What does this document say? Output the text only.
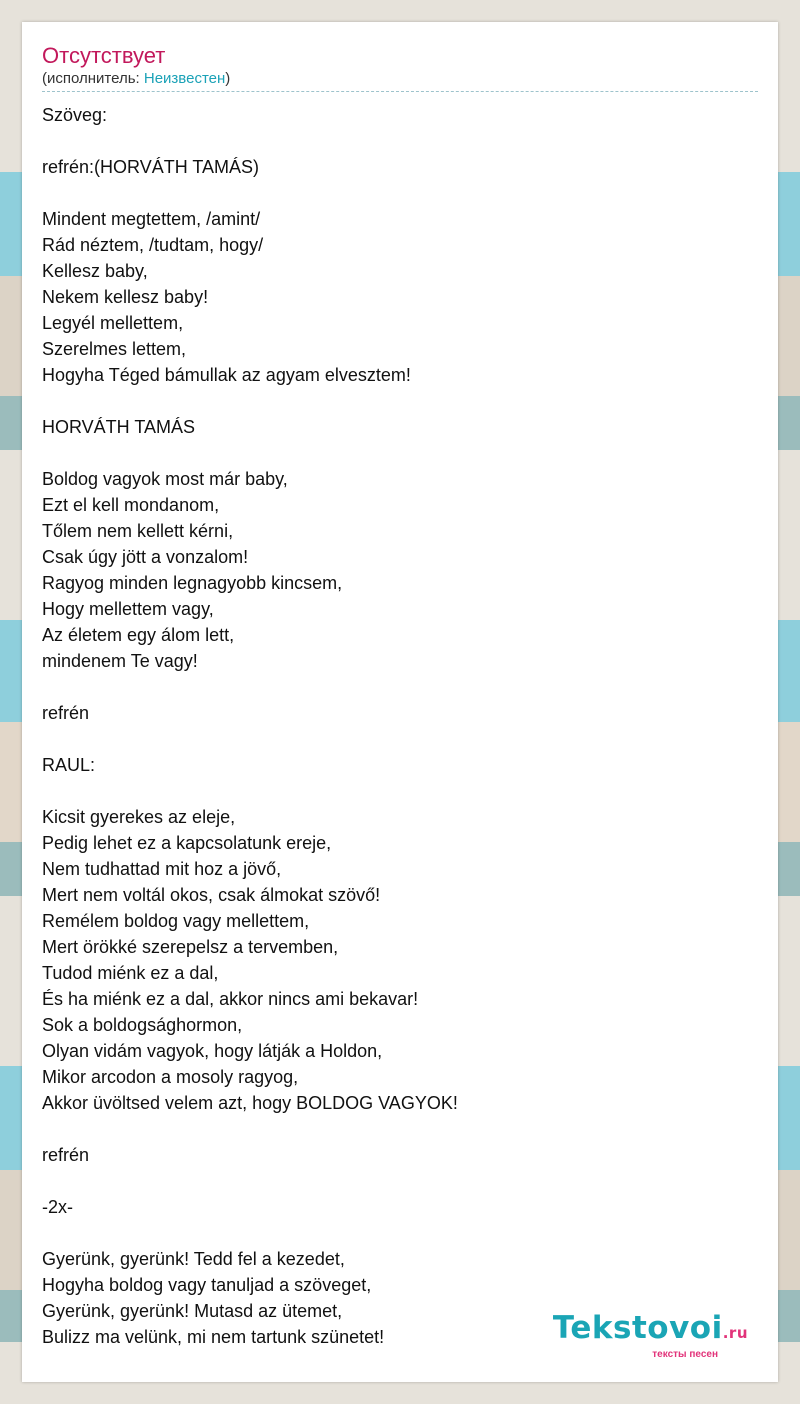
Отсутствует
(исполнитель: Неизвестен)
Szöveg:
refrén:(HORVÁTH TAMÁS)
Mindent megtettem, /amint/
Rád néztem, /tudtam, hogy/
Kellesz baby,
Nekem kellesz baby!
Legyél mellettem,
Szerelmes lettem,
Hogyha Téged bámullak az agyam elvesztem!
HORVÁTH TAMÁS
Boldog vagyok most már baby,
Ezt el kell mondanom,
Tőlem nem kellett kérni,
Csak úgy jött a vonzalom!
Ragyog minden legnagyobb kincsem,
Hogy mellettem vagy,
Az életem egy álom lett,
mindenem Te vagy!
refrén
RAUL:
Kicsit gyerekes az eleje,
Pedig lehet ez a kapcsolatunk ereje,
Nem tudhattad mit hoz a jövő,
Mert nem voltál okos, csak álmokat szövő!
Remélem boldog vagy mellettem,
Mert örökké szerepelsz a tervemben,
Tudod miénk ez a dal,
És ha miénk ez a dal, akkor nincs ami bekavar!
Sok a boldogsághormon,
Olyan vidám vagyok, hogy látják a Holdon,
Mikor arcodon a mosoly ragyog,
Akkor üvöltsed velem azt, hogy BOLDOG VAGYOK!
refrén
-2x-
Gyerünk, gyerünk! Tedd fel a kezedet,
Hogyha boldog vagy tanuljad a szöveget,
Gyerünk, gyerünk! Mutasd az ütemet,
Bulizz ma velünk, mi nem tartunk szünetet!	Tekstovoi.ru
тексты песен
